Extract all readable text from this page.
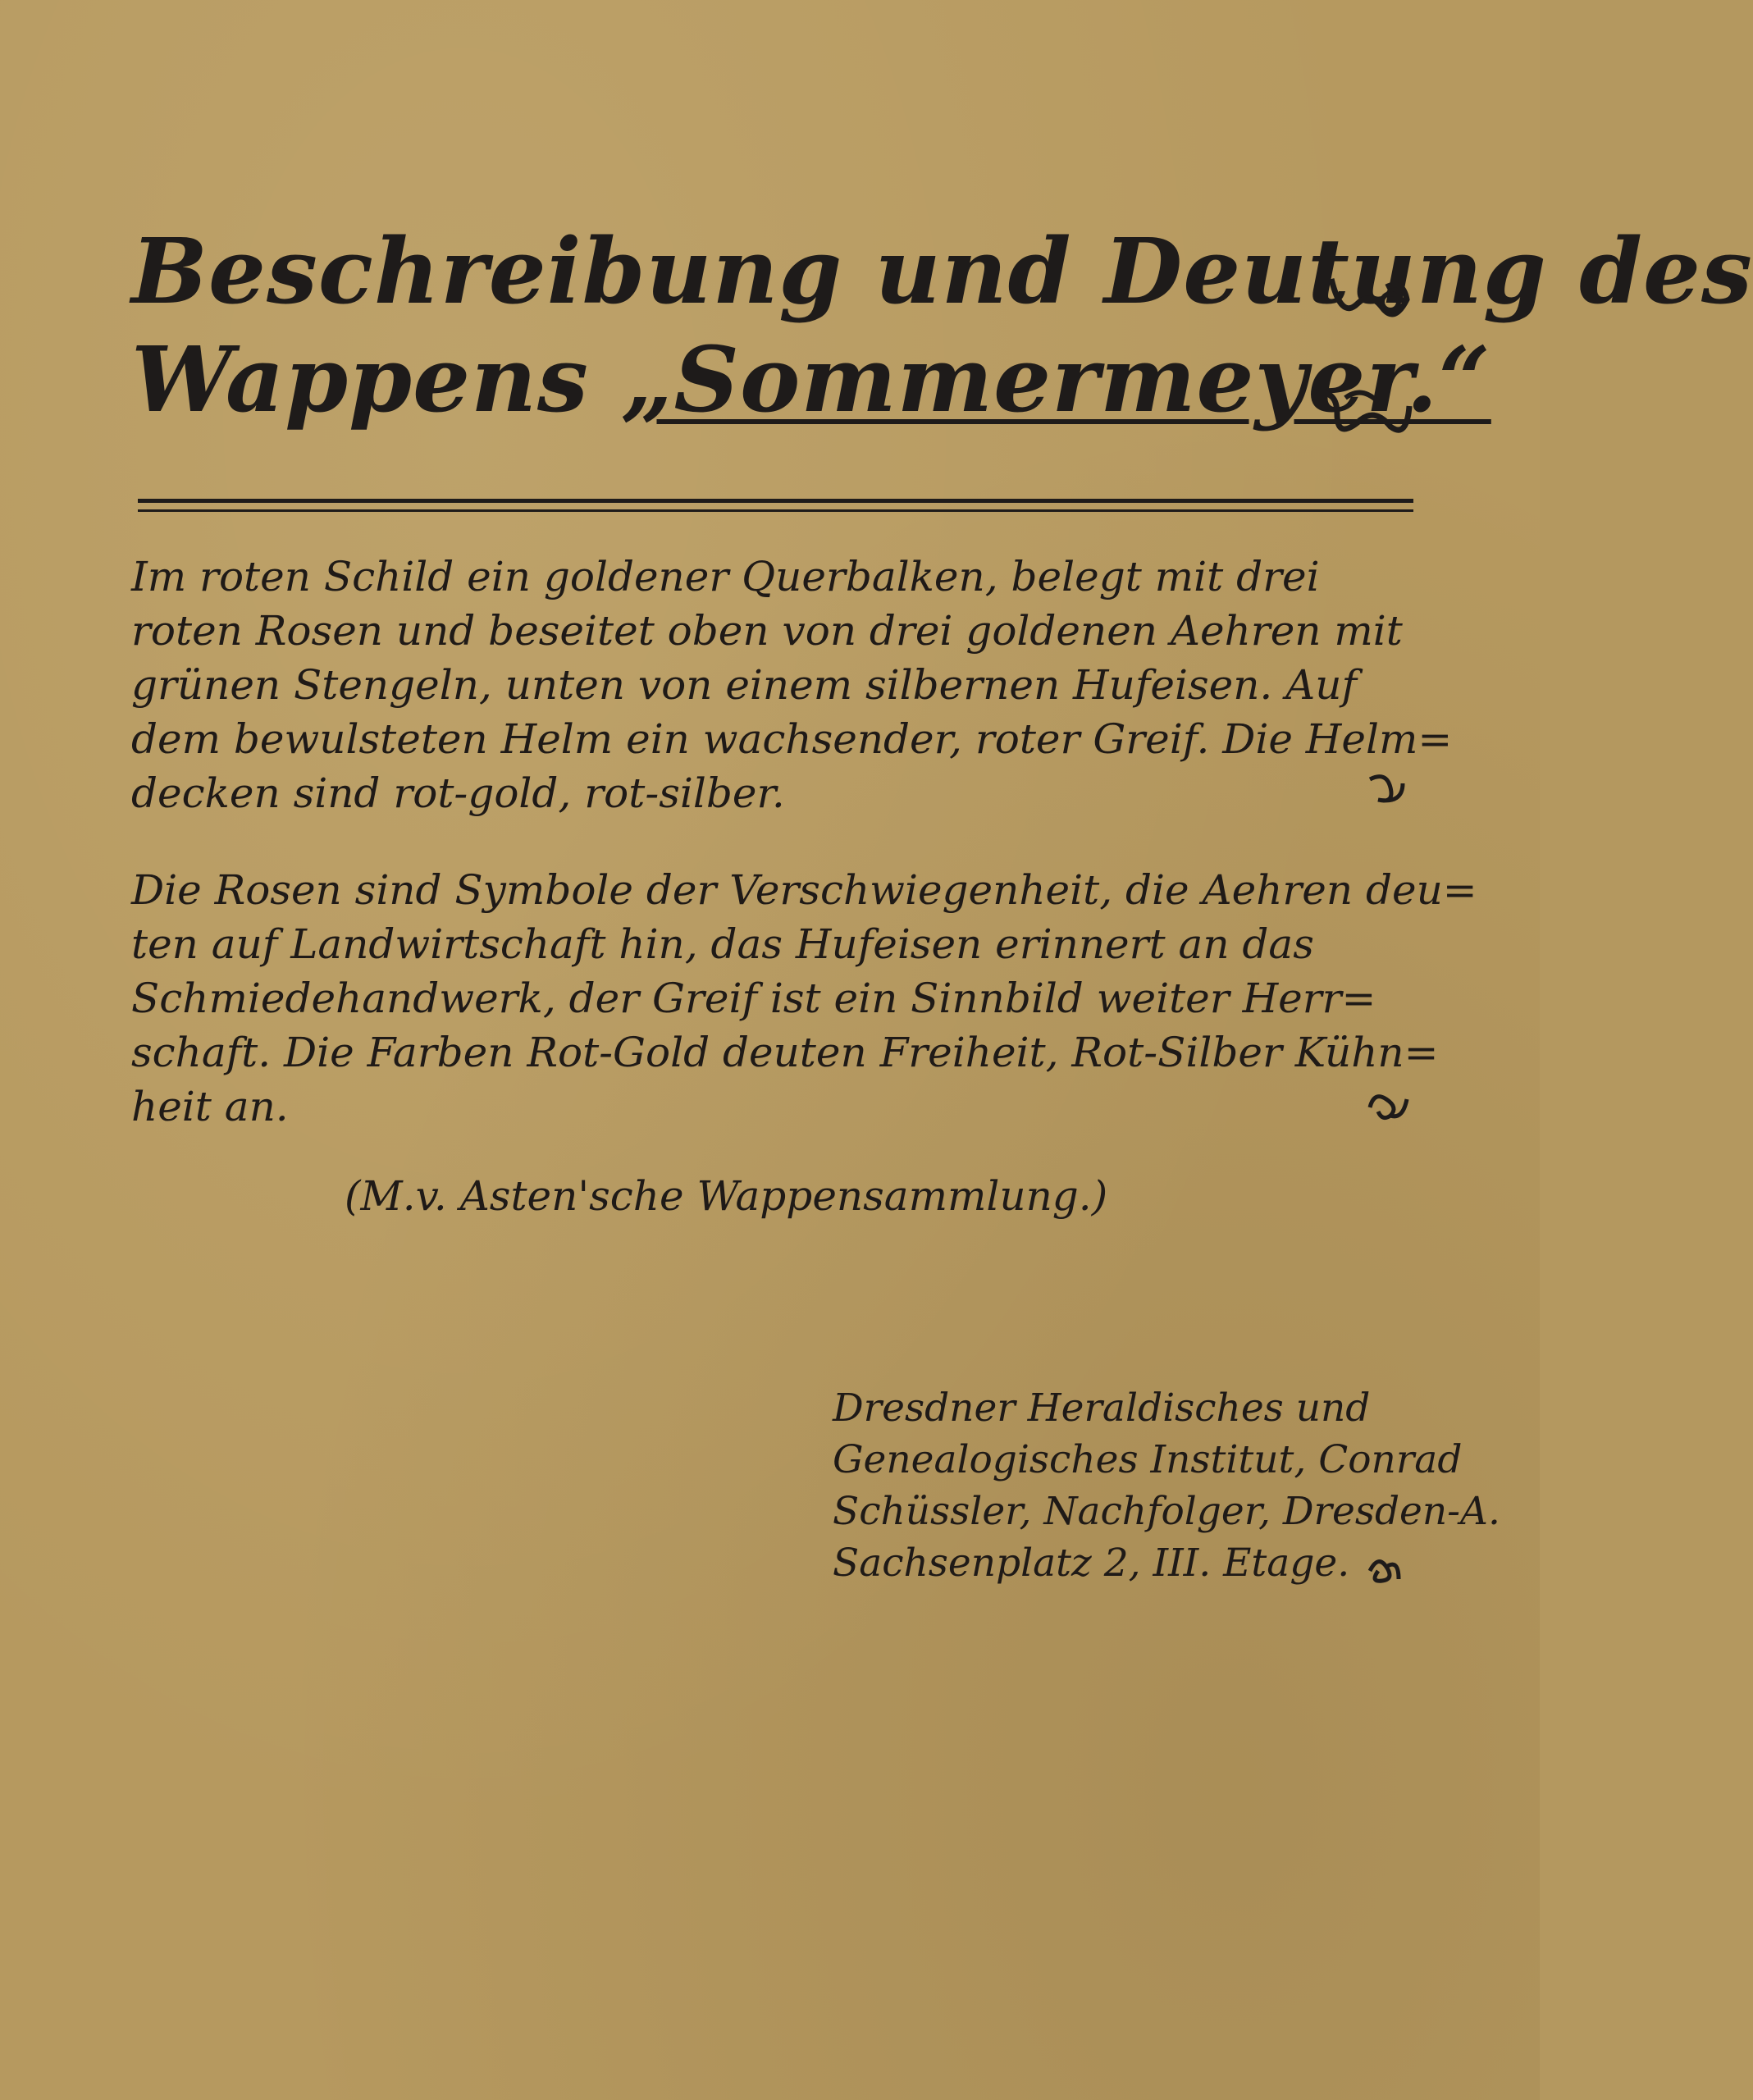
Beschreibung und Deutung des
Wappens „Sommermeyer.“
Im roten Schild ein goldener Querbalken, belegt mit drei
roten Rosen und beseitet oben von drei goldenen Aehren mit
grünen Stengeln, unten von einem silbernen Hufeisen. Auf
dem bewulsteten Helm ein wachsender, roter Greif. Die Helm=
decken sind rot-gold, rot-silber.
Die Rosen sind Symbole der Verschwiegenheit, die Aehren deu=
ten auf Landwirtschaft hin, das Hufeisen erinnert an das
Schmiedehandwerk, der Greif ist ein Sinnbild weiter Herr=
schaft. Die Farben Rot-Gold deuten Freiheit, Rot-Silber Kühn=
heit an.
(M.v. Asten'sche Wappensammlung.)
Dresdner Heraldisches und
Genealogisches Institut, Conrad
Schüssler, Nachfolger, Dresden-A.
Sachsenplatz 2, III. Etage.
